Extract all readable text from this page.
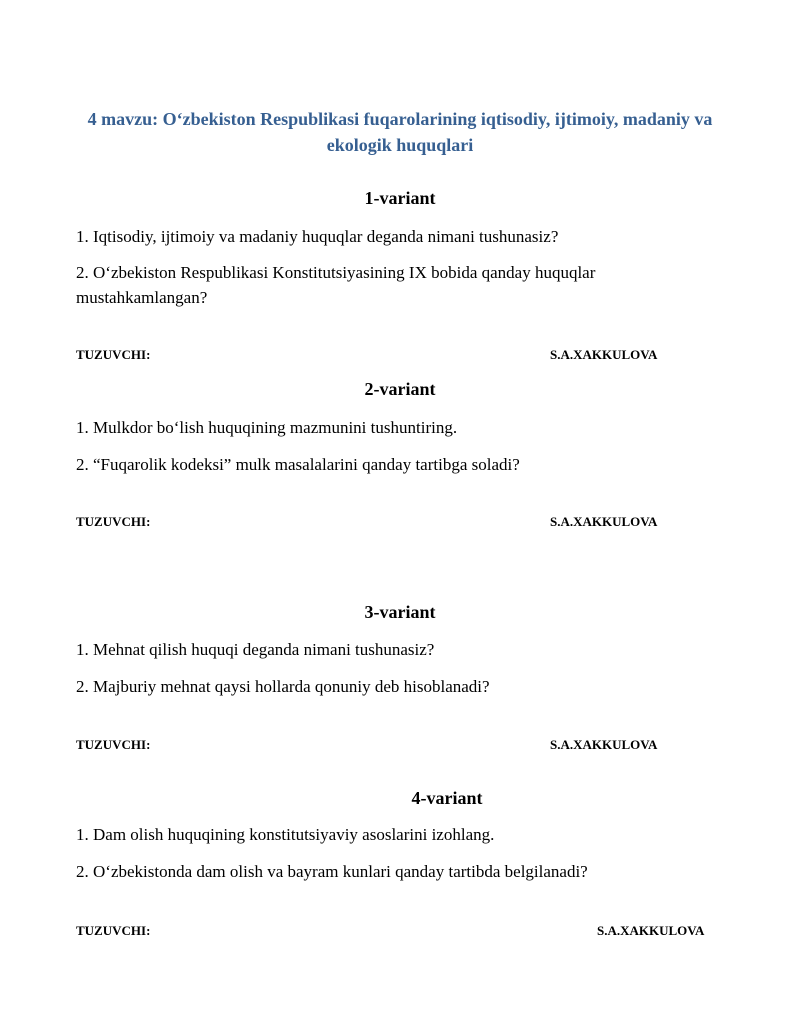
4 mavzu: O‘zbekiston Respublikasi fuqarolarining iqtisodiy, ijtimoiy, madaniy va ekologik huquqlari
1-variant
1. Iqtisodiy, ijtimoiy va madaniy huquqlar deganda nimani tushunasiz?
2. O‘zbekiston Respublikasi Konstitutsiyasining IX bobida qanday huquqlar mustahkamlangan?
TUZUVCHI:	S.A.XAKKULOVA
2-variant
1. Mulkdor bo‘lish huquqining mazmunini tushuntiring.
2. “Fuqarolik kodeksi” mulk masalalarini qanday tartibga soladi?
TUZUVCHI:	S.A.XAKKULOVA
3-variant
1. Mehnat qilish huquqi deganda nimani tushunasiz?
2. Majburiy mehnat qaysi hollarda qonuniy deb hisoblanadi?
TUZUVCHI:	S.A.XAKKULOVA
4-variant
1. Dam olish huquqining konstitutsiyaviy asoslarini izohlang.
2. O‘zbekistonda dam olish va bayram kunlari qanday tartibda belgilanadi?
TUZUVCHI:	S.A.XAKKULOVA
